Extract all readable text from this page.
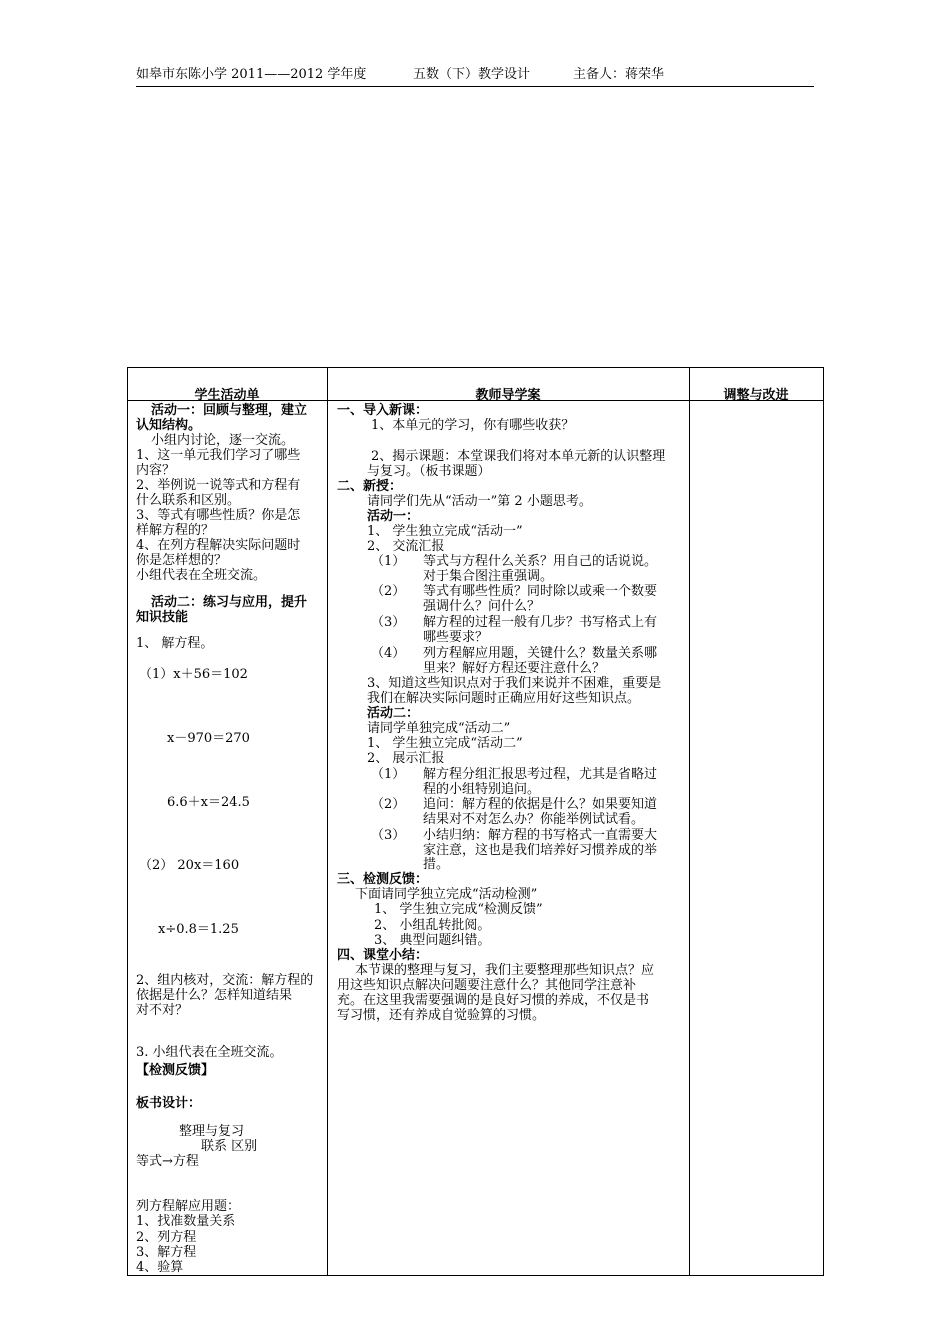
如皋市东陈小学 2011——2012 学年度	五数（下）教学设计	主备人：蒋荣华
学生活动单	教师导学案	调整与改进
活动一：回顾与整理，建立
认知结构。
小组内讨论，逐一交流。
1、这一单元我们学习了哪些
内容？
2、举例说一说等式和方程有
什么联系和区别。
3、等式有哪些性质？你是怎
样解方程的？
4、在列方程解决实际问题时
你是怎样想的？
小组代表在全班交流。
活动二：练习与应用，提升
知识技能
1、 解方程。
（1）x＋56＝102
x－970＝270
6.6＋x＝24.5
（2） 20x＝160
x÷0.8＝1.25
2、组内核对，交流：解方程的
依据是什么？怎样知道结果
对不对？
3. 小组代表在全班交流。
【检测反馈】
板书设计：
整理与复习
联系 区别
等式→方程
列方程解应用题：
1、找准数量关系
2、列方程
3、解方程
4、验算
一、导入新课：
1、本单元的学习，你有哪些收获？
2、揭示课题：本堂课我们将对本单元新的认识整理
与复习。（板书课题）
二、新授：
请同学们先从“活动一”第 2 小题思考。
活动一：
1、 学生独立完成“活动一”
2、 交流汇报
（1） 等式与方程什么关系？用自己的话说说。
对于集合图注重强调。
（2） 等式有哪些性质？同时除以或乘一个数要
强调什么？问什么？
（3） 解方程的过程一般有几步？书写格式上有
哪些要求？
（4） 列方程解应用题，关键什么？数量关系哪
里来？解好方程还要注意什么？
3、知道这些知识点对于我们来说并不困难，重要是
我们在解决实际问题时正确应用好这些知识点。
活动二：
请同学单独完成“活动二”
1、 学生独立完成“活动二”
2、 展示汇报
（1） 解方程分组汇报思考过程，尤其是省略过
程的小组特别追问。
（2） 追问：解方程的依据是什么？如果要知道
结果对不对怎么办？你能举例试试看。
（3） 小结归纳：解方程的书写格式一直需要大
家注意，这也是我们培养好习惯养成的举
措。
三、检测反馈：
下面请同学独立完成“活动检测”
1、 学生独立完成“检测反馈”
2、 小组乱转批阅。
3、 典型问题纠错。
四、课堂小结：
本节课的整理与复习，我们主要整理那些知识点？应
用这些知识点解决问题要注意什么？其他同学注意补
充。在这里我需要强调的是良好习惯的养成，不仅是书
写习惯，还有养成自觉验算的习惯。
